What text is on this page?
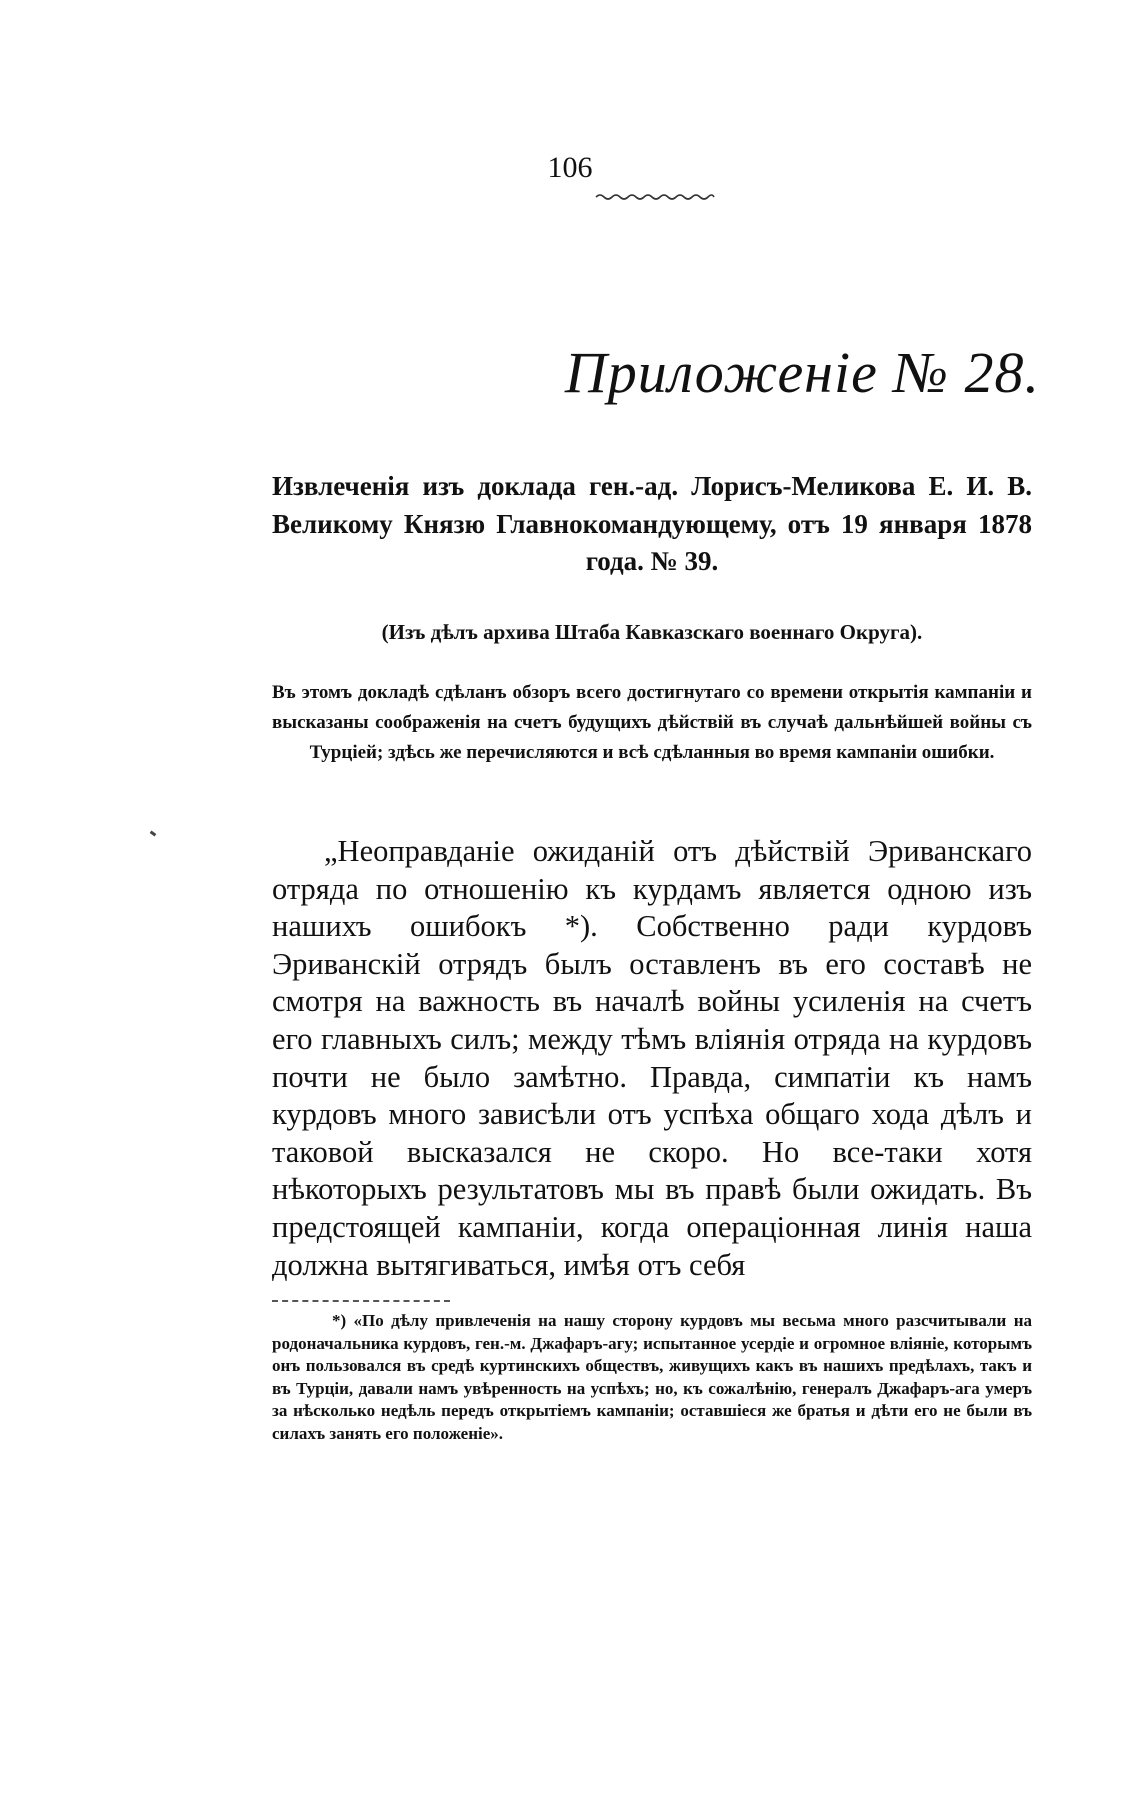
106
Приложеніе № 28.

Извлеченія изъ доклада ген.-ад. Лорисъ-Меликова Е. И. В. Великому Князю Главнокомандующему, отъ 19 января 1878 года. № 39.

(Изъ дѣлъ архива Штаба Кавказскаго военнаго Округа).

Въ этомъ докладѣ сдѣланъ обзоръ всего достигнутаго со времени открытія кампаніи и высказаны соображенія на счетъ будущихъ дѣйствій въ случаѣ дальнѣйшей войны съ Турціей; здѣсь же перечисляются и всѣ сдѣланныя во время кампаніи ошибки.

„Неоправданіе ожиданій отъ дѣйствій Эриванскаго отряда по отношенію къ курдамъ является одною изъ нашихъ ошибокъ *). Собственно ради курдовъ Эриванскій отрядъ былъ оставленъ въ его составѣ не смотря на важность въ началѣ войны усиленія на счетъ его главныхъ силъ; между тѣмъ вліянія отряда на курдовъ почти не было замѣтно. Правда, симпатіи къ намъ курдовъ много зависѣли отъ успѣха общаго хода дѣлъ и таковой высказался не скоро. Но все-таки хотя нѣкоторыхъ результатовъ мы въ правѣ были ожидать. Въ предстоящей кампаніи, когда операціонная линія наша должна вытягиваться, имѣя отъ себя

*) «По дѣлу привлеченія на нашу сторону курдовъ мы весьма много разсчитывали на родоначальника курдовъ, ген.-м. Джафаръ-агу; испытанное усердіе и огромное вліяніе, которымъ онъ пользовался въ средѣ куртинскихъ обществъ, живущихъ какъ въ нашихъ предѣлахъ, такъ и въ Турціи, давали намъ увѣренность на успѣхъ; но, къ сожалѣнію, генералъ Джафаръ-ага умеръ за нѣсколько недѣль передъ открытіемъ кампаніи; оставшіеся же братья и дѣти его не были въ силахъ занять его положеніе».
